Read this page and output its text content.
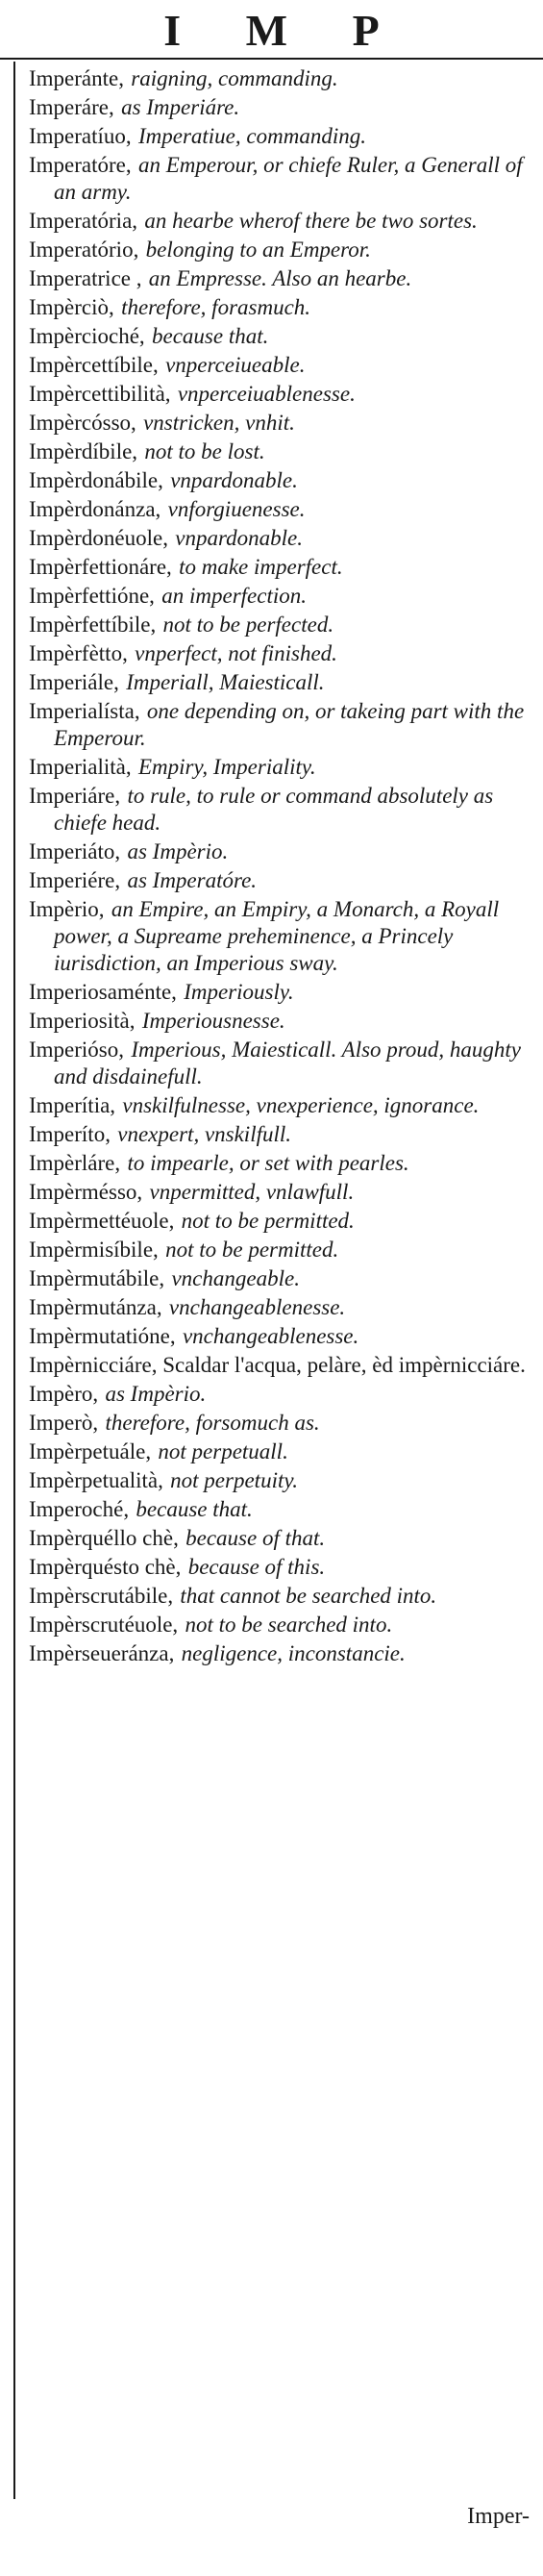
I M P
Imperánte, raigning, commanding.
Imperáre, as Imperiáre.
Imperatíuo, Imperatiue, commanding.
Imperatóre, an Emperour, or chiefe Ruler, a Generall of an army.
Imperatória, an hearbe wherof there be two sortes.
Imperatório, belonging to an Emperor.
Imperatrice , an Empresse. Also an hearbe.
Impèrciò, therefore, forasmuch.
Impèrcioché, because that.
Impèrcettíbile, vnperceiueable.
Impèrcettibilità, vnperceiuablenesse.
Impèrcósso, vnstricken, vnhit.
Impèrdíbile, not to be lost.
Impèrdonábile, vnpardonable.
Impèrdonánza, vnforgiuenesse.
Impèrdonéuole, vnpardonable.
Impèrfettionáre, to make imperfect.
Impèrfettióne, an imperfection.
Impèrfettíbile, not to be perfected.
Impèrfètto, vnperfect, not finished.
Imperiále, Imperiall, Maiesticall.
Imperialísta, one depending on, or takeing part with the Emperour.
Imperialità, Empiry, Imperiality.
Imperiáre, to rule, to rule or command absolutely as chiefe head.
Imperiáto, as Impèrio.
Imperiére, as Imperatóre.
Impèrio, an Empire, an Empiry, a Monarch, a Royall power, a Supreame preheminence, a Princely iurisdiction, an Imperious sway.
Imperiosaménte, Imperiously.
Imperiosità, Imperiousnesse.
Imperióso, Imperious, Maiesticall. Also proud, haughty and disdainefull.
Imperítia, vnskilfulnesse, vnexperience, ignorance.
Imperíto, vnexpert, vnskilfull.
Impèrláre, to impearle, or set with pearles.
Impèrmésso, vnpermitted, vnlawfull.
Impèrmettéuole, not to be permitted.
Impèrmisíbile, not to be permitted.
Impèrmutábile, vnchangeable.
Impèrmutánza, vnchangeablenesse.
Impèrmutatióne, vnchangeablenesse.
Impèrnicciáre, Scaldar l'acqua, pelàre, èd impèrnicciáre.
Impèro, as Impèrio.
Imperò, therefore, forsomuch as.
Impèrpetuále, not perpetuall.
Impèrpetualità, not perpetuity.
Imperoché, because that.
Impèrquéllo chè, because of that.
Impèrquésto chè, because of this.
Impèrscrutábile, that cannot be searched into.
Impèrscrutéuole, not to be searched into.
Impèrseueránza, negligence, inconstancie.
Imper-
